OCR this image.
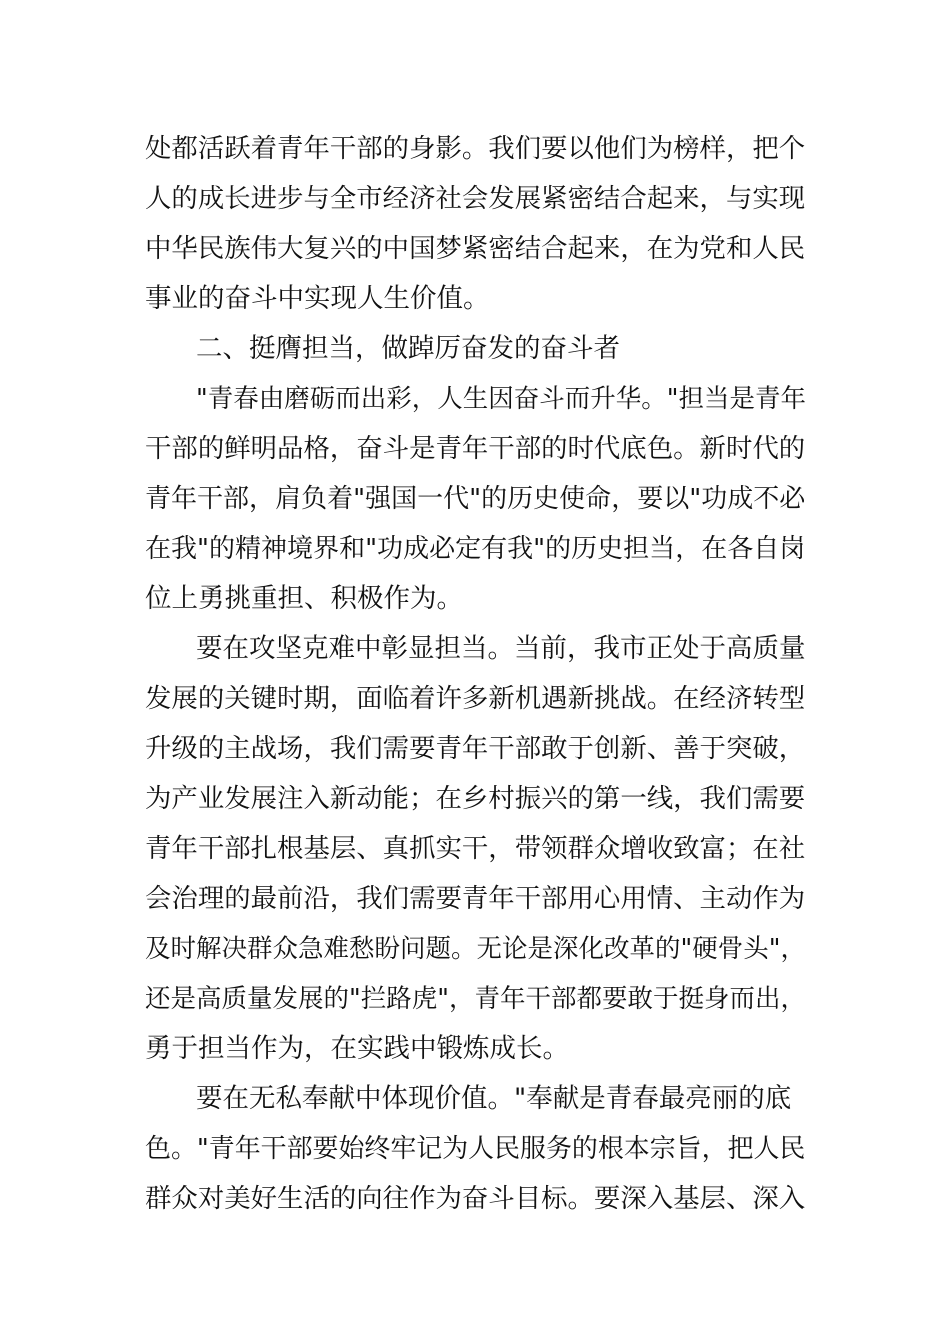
处都活跃着青年干部的身影。我们要以他们为榜样，把个
人的成长进步与全市经济社会发展紧密结合起来，与实现
中华民族伟大复兴的中国梦紧密结合起来，在为党和人民
事业的奋斗中实现人生价值。
二、挺膺担当，做踔厉奋发的奋斗者
"青春由磨砺而出彩，人生因奋斗而升华。"担当是青年
干部的鲜明品格，奋斗是青年干部的时代底色。新时代的
青年干部，肩负着"强国一代"的历史使命，要以"功成不必
在我"的精神境界和"功成必定有我"的历史担当，在各自岗
位上勇挑重担、积极作为。
要在攻坚克难中彰显担当。当前，我市正处于高质量
发展的关键时期，面临着许多新机遇新挑战。在经济转型
升级的主战场，我们需要青年干部敢于创新、善于突破，
为产业发展注入新动能；在乡村振兴的第一线，我们需要
青年干部扎根基层、真抓实干，带领群众增收致富；在社
会治理的最前沿，我们需要青年干部用心用情、主动作为
及时解决群众急难愁盼问题。无论是深化改革的"硬骨头"，
还是高质量发展的"拦路虎"，青年干部都要敢于挺身而出，
勇于担当作为，在实践中锻炼成长。
要在无私奉献中体现价值。"奉献是青春最亮丽的底
色。"青年干部要始终牢记为人民服务的根本宗旨，把人民
群众对美好生活的向往作为奋斗目标。要深入基层、深入
